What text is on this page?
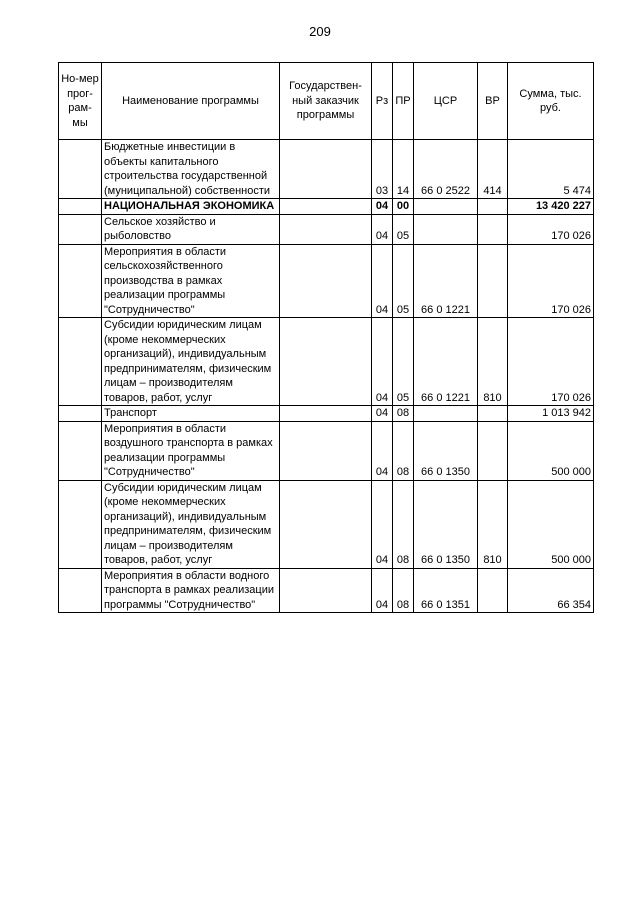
209
Но-мер прог-рам-мы	Наименование программы	Государствен-ный заказчик программы	Рз	ПР	ЦСР	ВР	Сумма, тыс. руб.
	Бюджетные инвестиции в объекты капитального строительства государственной (муниципальной) собственности		03	14	66 0 2522	414	5 474
	НАЦИОНАЛЬНАЯ ЭКОНОМИКА		04	00			13 420 227
	Сельское хозяйство и рыболовство		04	05			170 026
	Мероприятия в области сельскохозяйственного производства в рамках реализации программы "Сотрудничество"		04	05	66 0 1221		170 026
	Субсидии юридическим лицам (кроме некоммерческих организаций), индивидуальным предпринимателям, физическим лицам – производителям товаров, работ, услуг		04	05	66 0 1221	810	170 026
	Транспорт		04	08			1 013 942
	Мероприятия в области воздушного транспорта в рамках реализации программы "Сотрудничество"		04	08	66 0 1350		500 000
	Субсидии юридическим лицам (кроме некоммерческих организаций), индивидуальным предпринимателям, физическим лицам – производителям товаров, работ, услуг		04	08	66 0 1350	810	500 000
	Мероприятия в области водного транспорта в рамках реализации программы "Сотрудничество"		04	08	66 0 1351		66 354
